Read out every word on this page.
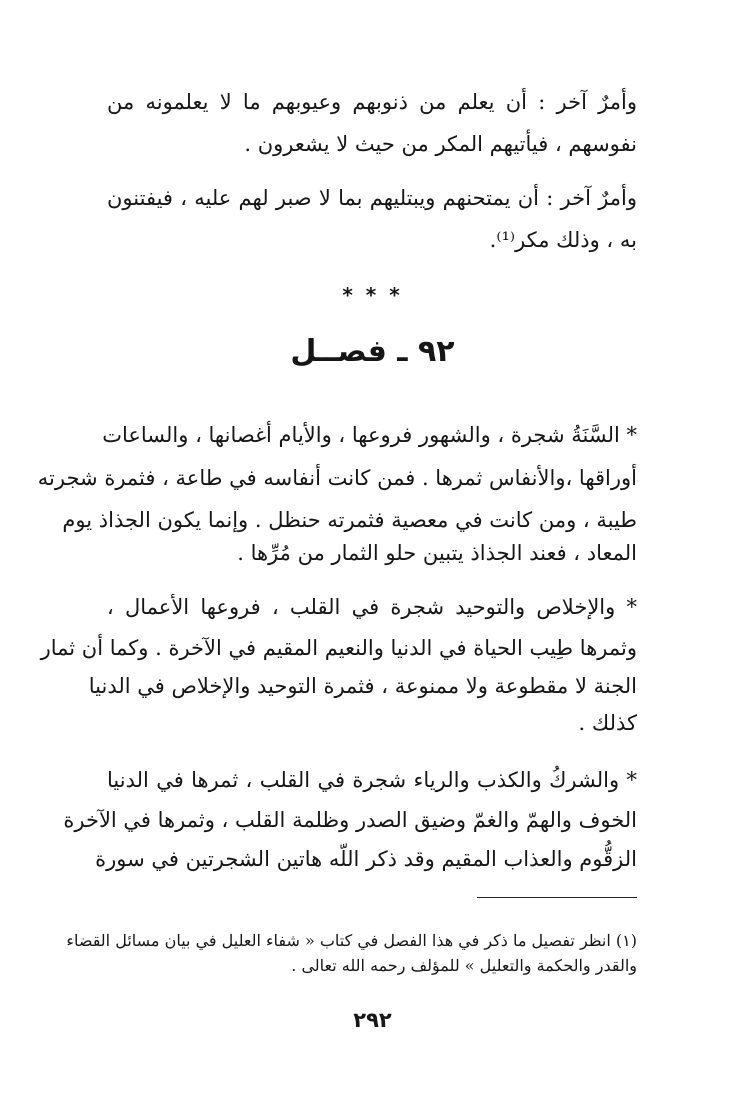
وأمرٌ آخر : أن يعلم من ذنوبهم وعيوبهم ما لا يعلمونه من
نفوسهم ، فيأتيهم المكر من حيث لا يشعرون .
وأمرٌ آخر : أن يمتحنهم ويبتليهم بما لا صبر لهم عليه ، فيفتنون
به ، وذلك مكر⁽¹⁾.
* * *
٩٢ ـ فصــل
* السَّنَةُ شجرة ، والشهور فروعها ، والأيام أغصانها ، والساعات
أوراقها ،والأنفاس ثمرها . فمن كانت أنفاسه في طاعة ، فثمرة شجرته
طيبة ، ومن كانت في معصية فثمرته حنظل . وإنما يكون الجذاذ يوم
المعاد ، فعند الجذاذ يتبين حلو الثمار من مُرِّها .
* والإخلاص والتوحيد شجرة في القلب ، فروعها الأعمال ،
وثمرها طِيب الحياة في الدنيا والنعيم المقيم في الآخرة . وكما أن ثمار
الجنة لا مقطوعة ولا ممنوعة ، فثمرة التوحيد والإخلاص في الدنيا
كذلك .
* والشركُ والكذب والرياء شجرة في القلب ، ثمرها في الدنيا
الخوف والهمّ والغمّ وضيق الصدر وظلمة القلب ، وثمرها في الآخرة
الزقُّوم والعذاب المقيم وقد ذكر اللّه هاتين الشجرتين في سورة
(١) انظر تفصيل ما ذكر في هذا الفصل في كتاب « شفاء العليل في بيان مسائل القضاء
والقدر والحكمة والتعليل » للمؤلف رحمه الله تعالى .
٢٩٢
